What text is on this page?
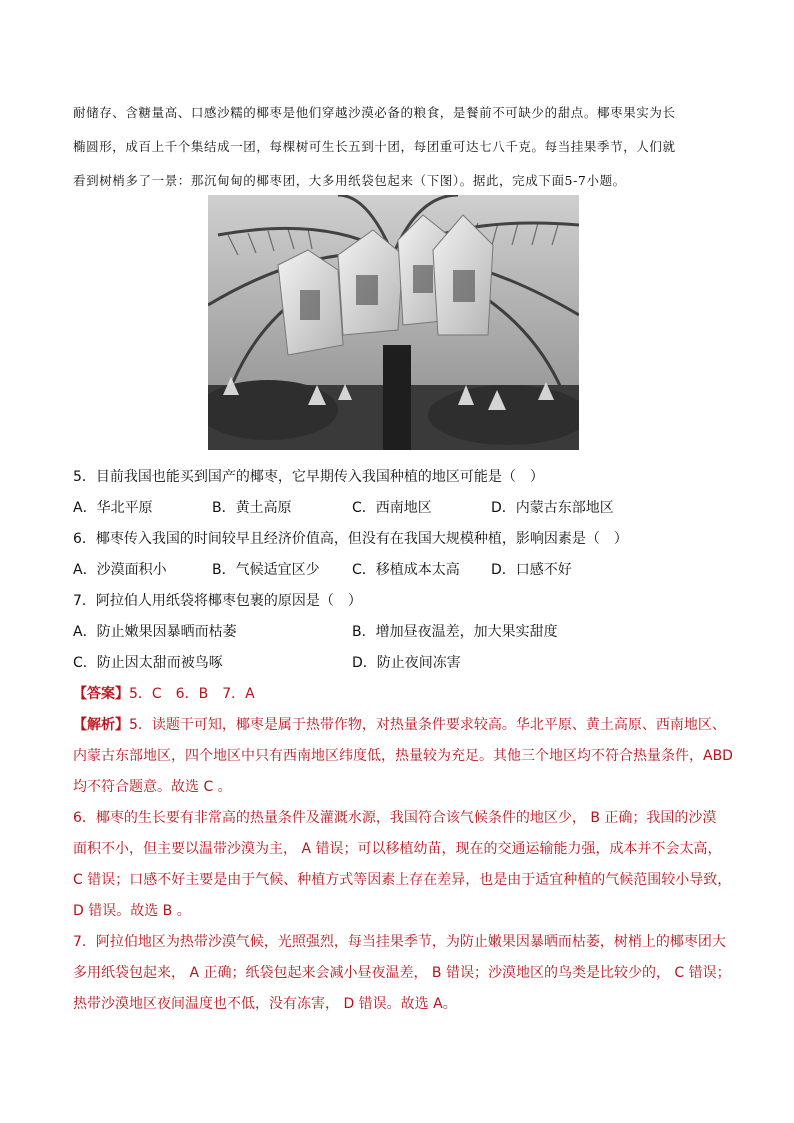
耐储存、含糖量高、口感沙糯的椰枣是他们穿越沙漠必备的粮食，是餐前不可缺少的甜点。椰枣果实为长
椭圆形，成百上千个集结成一团，每棵树可生长五到十团，每团重可达七八千克。每当挂果季节，人们就
看到树梢多了一景：那沉甸甸的椰枣团，大多用纸袋包起来（下图）。据此，完成下面5-7小题。

5．目前我国也能买到国产的椰枣，它早期传入我国种植的地区可能是（　）

A．华北平原	B．黄土高原	C．西南地区	D．内蒙古东部地区

6．椰枣传入我国的时间较早且经济价值高，但没有在我国大规模种植，影响因素是（　）

A．沙漠面积小	B．气候适宜区少 C．移植成本太高 D．口感不好

7．阿拉伯人用纸袋将椰枣包裹的原因是（　）

A．防止嫩果因暴晒而枯萎	B．增加昼夜温差，加大果实甜度
C．防止因太甜而被鸟啄	D．防止夜间冻害

【答案】5．C　6．B　7．A

【解析】5．读题干可知，椰枣是属于热带作物，对热量条件要求较高。华北平原、黄土高原、西南地区、

内蒙古东部地区，四个地区中只有西南地区纬度低，热量较为充足。其他三个地区均不符合热量条件，ABD

均不符合题意。故选 C 。

6．椰枣的生长要有非常高的热量条件及灌溉水源，我国符合该气候条件的地区少， B 正确；我国的沙漠

面积不小，但主要以温带沙漠为主， A 错误；可以移植幼苗，现在的交通运输能力强，成本并不会太高，

C 错误；口感不好主要是由于气候、种植方式等因素上存在差异，也是由于适宜种植的气候范围较小导致，

D 错误。故选 B 。

7．阿拉伯地区为热带沙漠气候，光照强烈，每当挂果季节，为防止嫩果因暴晒而枯萎，树梢上的椰枣团大

多用纸袋包起来， A 正确；纸袋包起来会减小昼夜温差， B 错误；沙漠地区的鸟类是比较少的， C 错误；

热带沙漠地区夜间温度也不低，没有冻害， D 错误。故选 A。
